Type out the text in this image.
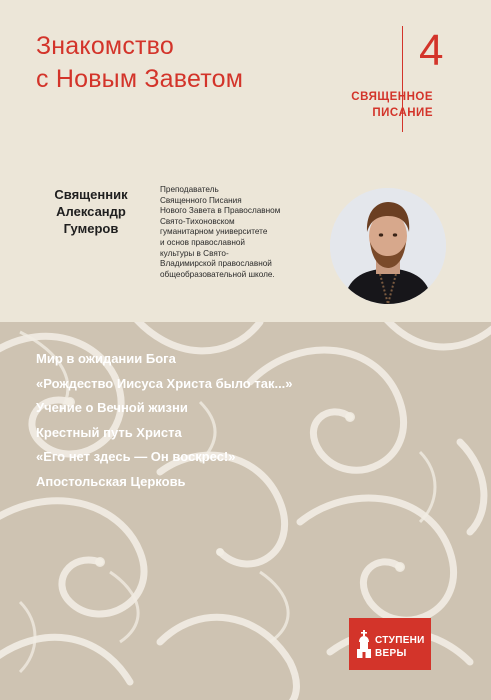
Знакомство
с Новым Заветом
4
СВЯЩЕННОЕ
ПИСАНИЕ
Священник
Александр
Гумеров
Преподаватель
Священного Писания
Нового Завета в Православном
Свято-Тихоновском
гуманитарном университете
и основ православной
культуры в Свято-
Владимирской православной
общеобразовательной школе.
Мир в ожидании Бога
«Рождество Иисуса Христа было так...»
Учение о Вечной жизни
Крестный путь Христа
«Его нет здесь — Он воскрес!»
Апостольская Церковь
СТУПЕНИ
ВЕРЫ
